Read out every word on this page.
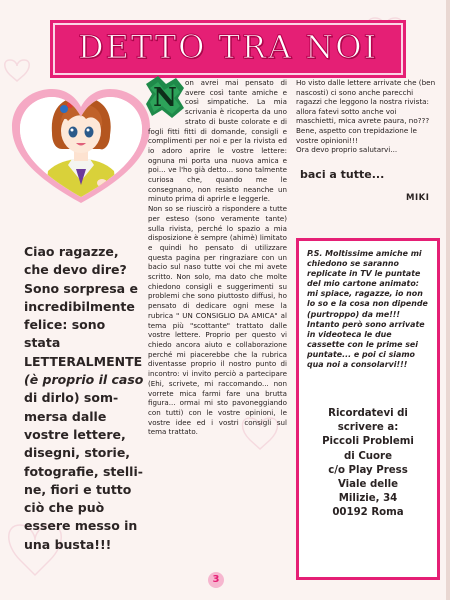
DETTO TRA NOI
Ciao ragazze,
che devo dire?
Sono sorpresa e
incredibilmente
felice: sono stata
LETTERALMENTE
(è proprio il caso
di dirlo) som-
mersa dalle
vostre lettere,
disegni, storie,
fotografie, stelli-
ne, fiori e tutto
ciò che può
essere messo in
una busta!!!
N

on avrei mai pensato di avere così tante amiche e così simpatiche. La mia scrivania è ricoperta da uno strato di buste colorate e di fogli fitti fitti di domande, consigli e complimenti per noi e per la rivista ed io adoro aprire le vostre lettere: ognuna mi porta una nuova amica e poi... ve l'ho già detto... sono talmente curiosa che, quando me le consegnano, non resisto neanche un minuto prima di aprirle e leggerle.

Non so se riuscirò a rispondere a tutte per esteso (sono veramente tante) sulla rivista, perché lo spazio a mia disposizione è sempre (ahimè) limitato e quindi ho pensato di utilizzare questa pagina per ringraziare con un bacio sul naso tutte voi che mi avete scritto. Non solo, ma dato che molte chiedono consigli e suggerimenti su problemi che sono piuttosto diffusi, ho pensato di dedicare ogni mese la rubrica " UN CONSIGLIO DA AMICA" al tema più "scottante" trattato dalle vostre lettere. Proprio per questo vi chiedo ancora aiuto e collaborazione perché mi piacerebbe che la rubrica diventasse proprio il nostro punto di incontro: vi invito perciò a partecipare (Ehi, scrivete, mi raccomando... non vorrete mica farmi fare una brutta figura... ormai mi sto pavoneggiando con tutti) con le vostre opinioni, le vostre idee ed i vostri consigli sul tema trattato.

Ho visto dalle lettere arrivate che (ben nascosti) ci sono anche parecchi ragazzi che leggono la nostra rivista: allora fatevi sotto anche voi maschietti, mica avrete paura, no??? Bene, aspetto con trepidazione le vostre opinioni!!!

Ora devo proprio salutarvi...

baci a tutte...
MIKI
P.S. Moltissime amiche mi chiedono se saranno replicate in TV le puntate del mio cartone animato: mi spiace, ragazze, io non lo so e la cosa non dipende (purtroppo) da me!!! Intanto però sono arrivate in videoteca le due cassette con le prime sei puntate... e poi ci siamo qua noi a consolarvi!!!
Ricordatevi di
scrivere a:
Piccoli Problemi
di Cuore
c/o Play Press
Viale delle
Milizie, 34
00192 Roma
3
